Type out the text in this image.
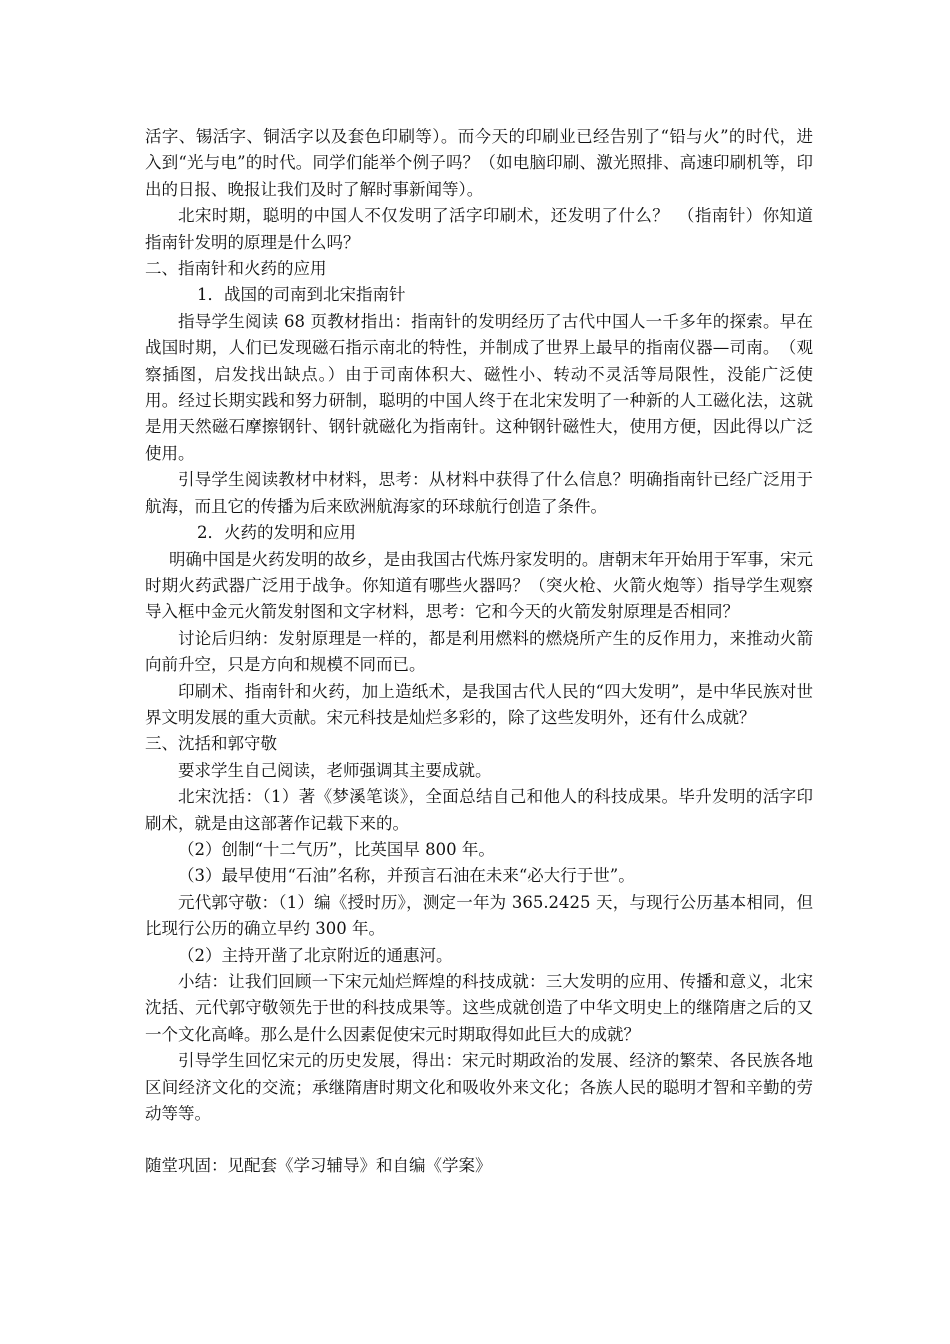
活字、锡活字、铜活字以及套色印刷等）。而今天的印刷业已经告别了“铅与火”的时代，进入到“光与电”的时代。同学们能举个例子吗？（如电脑印刷、激光照排、高速印刷机等，印出的日报、晚报让我们及时了解时事新闻等）。

北宋时期，聪明的中国人不仅发明了活字印刷术，还发明了什么？　（指南针）你知道指南针发明的原理是什么吗？

二、指南针和火药的应用

1．战国的司南到北宋指南针

指导学生阅读 68 页教材指出：指南针的发明经历了古代中国人一千多年的探索。早在战国时期，人们已发现磁石指示南北的特性，并制成了世界上最早的指南仪器—司南。　（观察插图，启发找出缺点。）由于司南体积大、磁性小、转动不灵活等局限性，没能广泛使用。经过长期实践和努力研制，聪明的中国人终于在北宋发明了一种新的人工磁化法，这就是用天然磁石摩擦钢针、钢针就磁化为指南针。这种钢针磁性大，使用方便，因此得以广泛使用。

引导学生阅读教材中材料，思考：从材料中获得了什么信息？明确指南针已经广泛用于航海，而且它的传播为后来欧洲航海家的环球航行创造了条件。

2．火药的发明和应用

明确中国是火药发明的故乡，是由我国古代炼丹家发明的。唐朝末年开始用于军事，宋元时期火药武器广泛用于战争。你知道有哪些火器吗？（突火枪、火箭火炮等）指导学生观察导入框中金元火箭发射图和文字材料，思考：它和今天的火箭发射原理是否相同？

讨论后归纳：发射原理是一样的，都是利用燃料的燃烧所产生的反作用力，来推动火箭向前升空，只是方向和规模不同而已。

印刷术、指南针和火药，加上造纸术，是我国古代人民的“四大发明”，是中华民族对世界文明发展的重大贡献。宋元科技是灿烂多彩的，除了这些发明外，还有什么成就？

三、沈括和郭守敬

要求学生自己阅读，老师强调其主要成就。

北宋沈括：（1）著《梦溪笔谈》，全面总结自己和他人的科技成果。毕升发明的活字印刷术，就是由这部著作记载下来的。

（2）创制“十二气历”，比英国早 800 年。

（3）最早使用“石油”名称，并预言石油在未来“必大行于世”。

元代郭守敬：（1）编《授时历》，测定一年为 365.2425 天，与现行公历基本相同，但比现行公历的确立早约 300 年。

（2）主持开凿了北京附近的通惠河。

小结：让我们回顾一下宋元灿烂辉煌的科技成就：三大发明的应用、传播和意义，北宋沈括、元代郭守敬领先于世的科技成果等。这些成就创造了中华文明史上的继隋唐之后的又一个文化高峰。那么是什么因素促使宋元时期取得如此巨大的成就？

引导学生回忆宋元的历史发展，得出：宋元时期政治的发展、经济的繁荣、各民族各地区间经济文化的交流；承继隋唐时期文化和吸收外来文化；各族人民的聪明才智和辛勤的劳动等等。

随堂巩固：见配套《学习辅导》和自编《学案》
